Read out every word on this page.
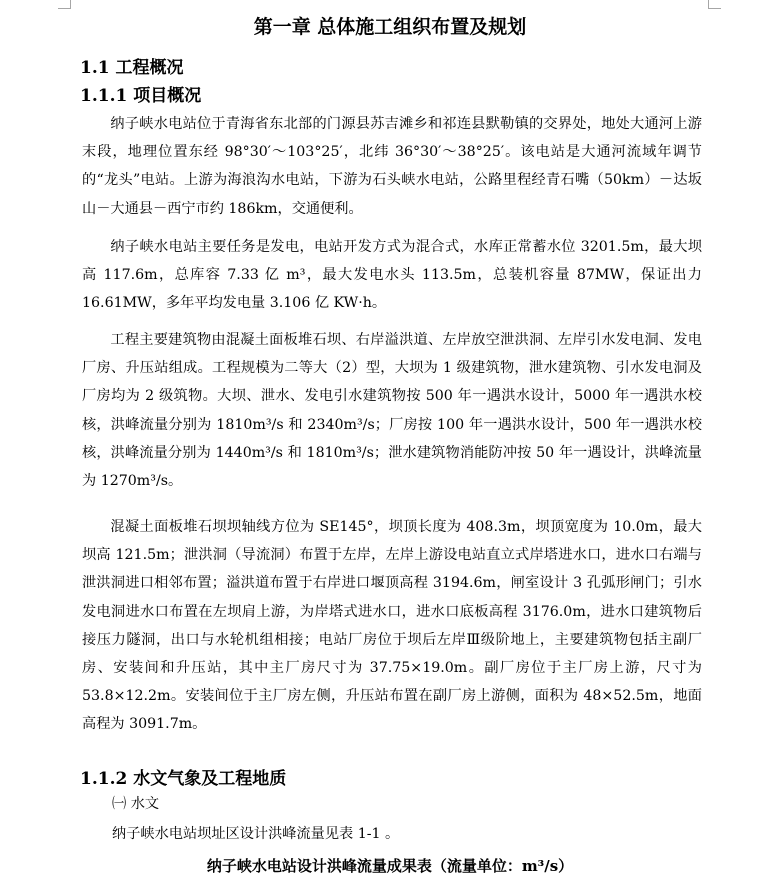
第一章 总体施工组织布置及规划
1.1 工程概况
1.1.1 项目概况

纳子峡水电站位于青海省东北部的门源县苏吉滩乡和祁连县默勒镇的交界处，地处大通河上游末段，地理位置东经 98°30′～103°25′，北纬 36°30′～38°25′。该电站是大通河流域年调节的“龙头”电站。上游为海浪沟水电站，下游为石头峡水电站，公路里程经青石嘴（50km）－达坂山－大通县－西宁市约 186km，交通便利。

纳子峡水电站主要任务是发电，电站开发方式为混合式，水库正常蓄水位 3201.5m，最大坝高 117.6m，总库容 7.33 亿 m³，最大发电水头 113.5m，总装机容量 87MW，保证出力 16.61MW，多年平均发电量 3.106 亿 KW·h。

工程主要建筑物由混凝土面板堆石坝、右岸溢洪道、左岸放空泄洪洞、左岸引水发电洞、发电厂房、升压站组成。工程规模为二等大（2）型，大坝为 1 级建筑物，泄水建筑物、引水发电洞及厂房均为 2 级筑物。大坝、泄水、发电引水建筑物按 500 年一遇洪水设计，5000 年一遇洪水校核，洪峰流量分别为 1810m³/s 和 2340m³/s；厂房按 100 年一遇洪水设计，500 年一遇洪水校核，洪峰流量分别为 1440m³/s 和 1810m³/s；泄水建筑物消能防冲按 50 年一遇设计，洪峰流量为 1270m³/s。

混凝土面板堆石坝坝轴线方位为 SE145°，坝顶长度为 408.3m，坝顶宽度为 10.0m，最大坝高 121.5m；泄洪洞（导流洞）布置于左岸，左岸上游设电站直立式岸塔进水口，进水口右端与泄洪洞进口相邻布置；溢洪道布置于右岸进口堰顶高程 3194.6m，闸室设计 3 孔弧形闸门；引水发电洞进水口布置在左坝肩上游，为岸塔式进水口，进水口底板高程 3176.0m，进水口建筑物后接压力隧洞，出口与水轮机组相接；电站厂房位于坝后左岸Ⅲ级阶地上，主要建筑物包括主副厂房、安装间和升压站，其中主厂房尺寸为 37.75×19.0m。副厂房位于主厂房上游，尺寸为 53.8×12.2m。安装间位于主厂房左侧，升压站布置在副厂房上游侧，面积为 48×52.5m，地面高程为 3091.7m。

1.1.2 水文气象及工程地质
㈠ 水文
纳子峡水电站坝址区设计洪峰流量见表 1-1 。
纳子峡水电站设计洪峰流量成果表（流量单位：m³/s）
